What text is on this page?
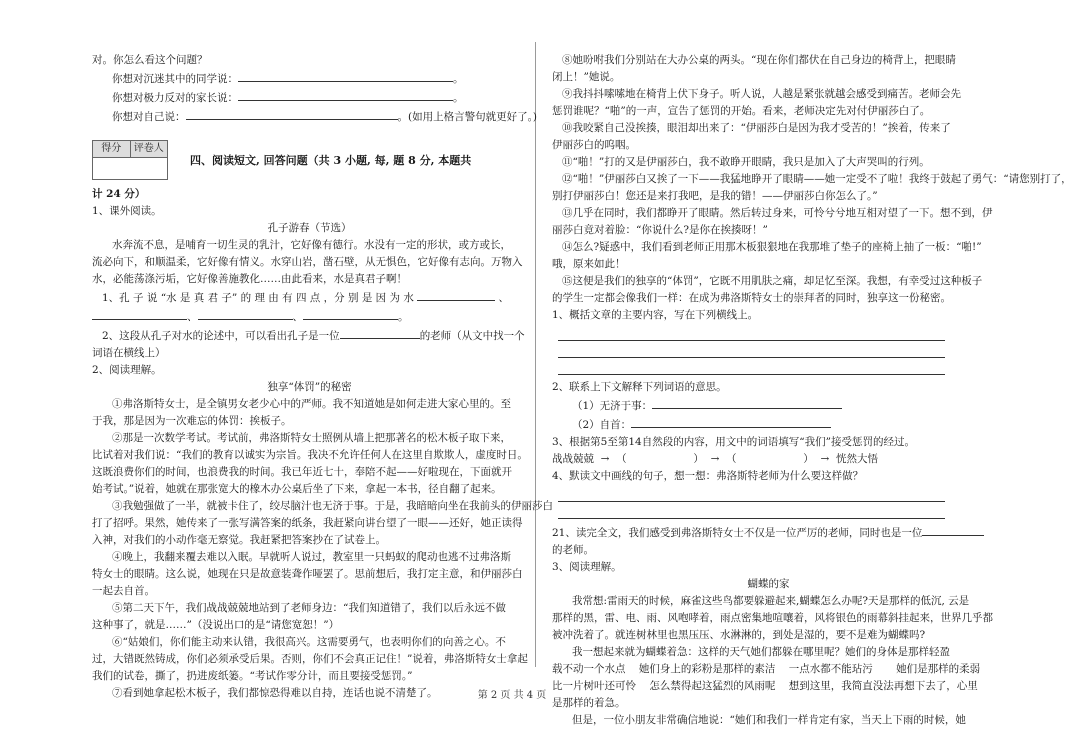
对。你怎么看这个问题？
你想对沉迷其中的同学说：	。
你想对极力反对的家长说：	。
你想对自己说：	。(如用上格言警句就更好了。)
得分	评卷人
四、阅读短文, 回答问题（共 3 小题, 每, 题 8 分, 本题共
计 24 分）
1、课外阅读。
孔子游春（节选）
水奔流不息，是哺育一切生灵的乳汁，它好像有德行。水没有一定的形状，或方或长，
流必向下，和顺温柔，它好像有情义。水穿山岩，凿石壁，从无惧色，它好像有志向。万物入
水，必能荡涤污垢，它好像善施教化……由此看来，水是真君子啊！
1、孔 子 说 “水 是 真 君 子” 的 理 由 有 四 点 ，分 别 是 因 为 水	、
、	、	。
2、这段从孔子对水的论述中，可以看出孔子是一位	的老师（从文中找一个
词语在横线上）
2、阅读理解。
独享“体罚”的秘密
①弗洛斯特女士，是全镇男女老少心中的严师。我不知道她是如何走进大家心里的。至
于我，那是因为一次难忘的体罚：挨板子。
②那是一次数学考试。考试前，弗洛斯特女士照例从墙上把那著名的松木板子取下来，
比试着对我们说：“我们的教育以诚实为宗旨。我决不允许任何人在这里自欺欺人，虚度时日。
这既浪费你们的时间，也浪费我的时间。我已年近七十，奉陪不起——好啦现在，下面就开
始考试。”说着，她就在那张宽大的橡木办公桌后坐了下来，拿起一本书，径自翻了起来。
③我勉强做了一半，就被卡住了，绞尽脑汁也无济于事。于是，我暗暗向坐在我前头的伊丽莎白
打了招呼。果然，她传来了一张写满答案的纸条，我赶紧向讲台望了一眼——还好，她正读得
入神，对我们的小动作毫无察觉。我赶紧把答案抄在了试卷上。
④晚上，我翻来覆去难以入眠。早就听人说过，教室里一只蚂蚁的爬动也逃不过弗洛斯
特女士的眼睛。这么说，她现在只是故意装聋作哑罢了。思前想后，我打定主意，和伊丽莎白
一起去自首。
⑤第二天下午，我们战战兢兢地站到了老师身边：“我们知道错了，我们以后永远不做
这种事了，就是……”（没说出口的是“请您宽恕！”）
⑥“姑娘们，你们能主动来认错，我很高兴。这需要勇气，也表明你们的向善之心。不
过，大错既然铸成，你们必须承受后果。否则，你们不会真正记住！”说着，弗洛斯特女士拿起
我们的试卷，撕了，扔进废纸篓。“考试作零分计，而且要接受惩罚。”
⑦看到她拿起松木板子，我们都惊恐得难以自持，连话也说不清楚了。
⑧她吩咐我们分别站在大办公桌的两头。“现在你们都伏在自己身边的椅背上，把眼睛
闭上！”她说。
⑨我抖抖嗦嗦地在椅背上伏下身子。听人说，人越是紧张就越会感受到痛苦。老师会先
惩罚谁呢？“啪”的一声，宣告了惩罚的开始。看来，老师决定先对付伊丽莎白了。
⑩我咬紧自己没挨揍，眼泪却出来了：“伊丽莎白是因为我才受苦的！”挨着，传来了
伊丽莎白的呜咽。
⑪“啪！”打的又是伊丽莎白，我不敢睁开眼睛，我只是加入了大声哭叫的行列。
⑫“啪！”伊丽莎白又挨了一下——我猛地睁开了眼睛——她一定受不了啦！我终于鼓起了勇气：“请您别打了，
别打伊丽莎白！您还是来打我吧，是我的错！——伊丽莎白你怎么了。”
⑬几乎在同时，我们都睁开了眼睛。然后转过身来，可怜兮兮地互相对望了一下。想不到，伊
丽莎白竟对着脸：“你说什么?是你在挨揍呀！”
⑭怎么?疑惑中，我们看到老师正用那木板狠狠地在我那堆了垫子的座椅上抽了一板：“啪!”
哦，原来如此！
⑮这便是我们的独享的“体罚”，它既不用肌肤之痛，却足忆至深。我想，有幸受过这种板子
的学生一定都会像我们一样：在成为弗洛斯特女士的崇拜者的同时，独享这一份秘密。
1、概括文章的主要内容，写在下列横线上。
2、联系上下文解释下列词语的意思。
（1）无济于事：
（2）自首：
3、根据第5至第14自然段的内容，用文中的词语填写“我们”接受惩罚的经过。
战战兢兢  →  （                    ）  →  （                    ）  →  恍然大悟
4、默读文中画线的句子，想一想：弗洛斯特老师为什么要这样做？
21、读完全文，我们感受到弗洛斯特女士不仅是一位严厉的老师，同时也是一位
的老师。
3、阅读理解。
蝴蝶的家
我常想:雷雨天的时候，麻雀这些鸟都要躲避起来,蝴蝶怎么办呢?天是那样的低沉, 云是
那样的黑，雷、电、雨、风咆哮着，雨点密集地喧嚷着，风将银色的雨幕斜挂起来，世界几乎都
被冲洗着了。就连树林里也黑压压、水淋淋的，到处是湿的，要不是难为蝴蝶吗?
我一想起来就为蝴蝶着急：这样的天气她们都躲在哪里呢？她们的身体是那样轻盈
载不动一个水点    她们身上的彩粉是那样的素洁    一点水都不能玷污       她们是那样的柔弱
比一片树叶还可怜    怎么禁得起这猛烈的风雨呢    想到这里，我简直没法再想下去了，心里
是那样的着急。
但是，一位小朋友非常确信地说：“她们和我们一样肯定有家，当天上下雨的时候，她
第 2 页 共 4 页
